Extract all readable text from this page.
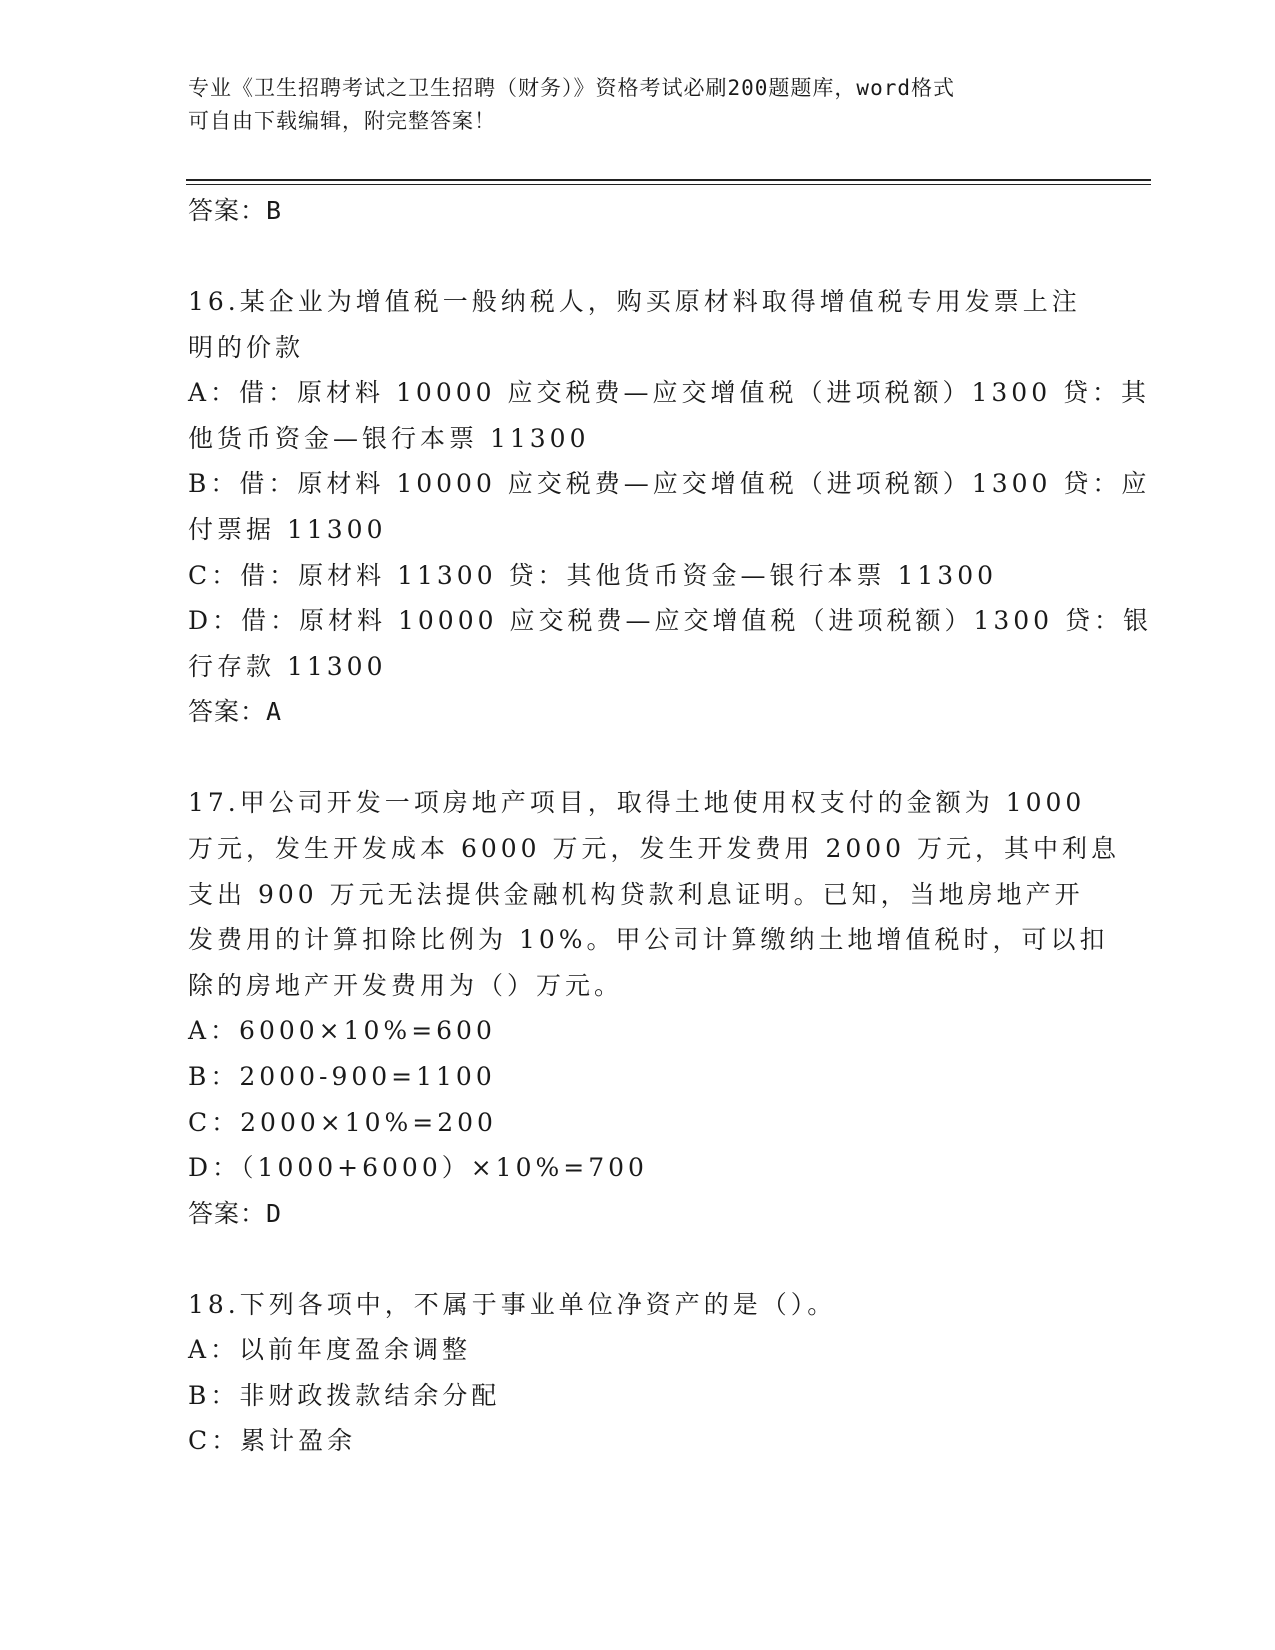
专业《卫生招聘考试之卫生招聘（财务）》资格考试必刷200题题库，word格式
可自由下载编辑，附完整答案！
答案：B
16.某企业为增值税一般纳税人，购买原材料取得增值税专用发票上注
明的价款
A：借：原材料 10000 应交税费—应交增值税（进项税额）1300 贷：其
他货币资金—银行本票 11300
B：借：原材料 10000 应交税费—应交增值税（进项税额）1300 贷：应
付票据 11300
C：借：原材料 11300 贷：其他货币资金—银行本票 11300
D：借：原材料 10000 应交税费—应交增值税（进项税额）1300 贷：银
行存款 11300
答案：A
17.甲公司开发一项房地产项目，取得土地使用权支付的金额为 1000
万元，发生开发成本 6000 万元，发生开发费用 2000 万元，其中利息
支出 900 万元无法提供金融机构贷款利息证明。已知，当地房地产开
发费用的计算扣除比例为 10%。甲公司计算缴纳土地增值税时，可以扣
除的房地产开发费用为（）万元。
A：6000×10%=600
B：2000-900=1100
C：2000×10%=200
D：（1000+6000）×10%=700
答案：D
18.下列各项中，不属于事业单位净资产的是（）。
A：以前年度盈余调整
B：非财政拨款结余分配
C：累计盈余
